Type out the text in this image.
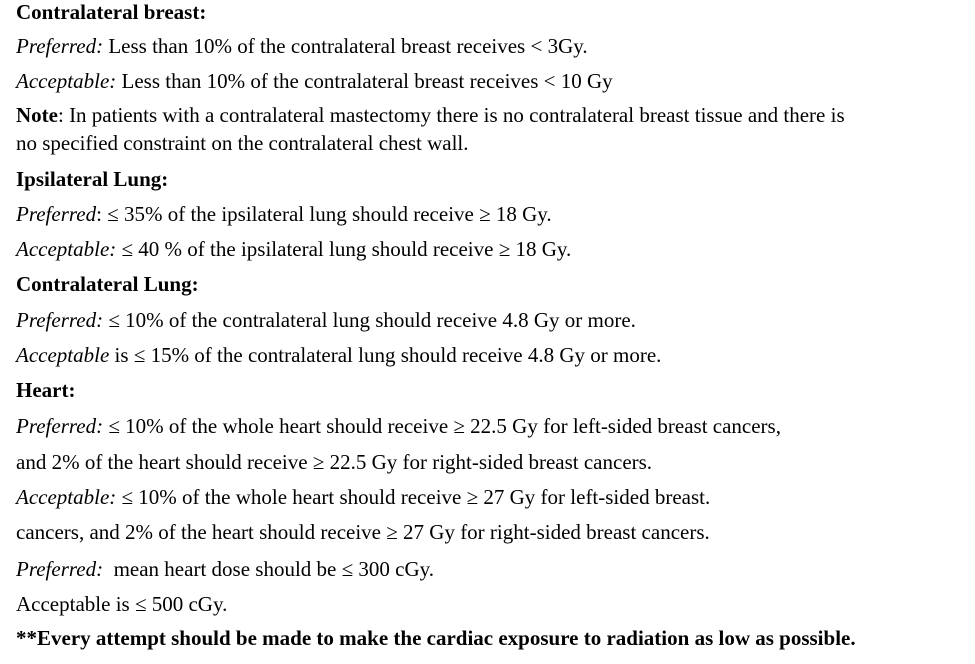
Contralateral breast:
Preferred: Less than 10% of the contralateral breast receives < 3Gy.
Acceptable: Less than 10% of the contralateral breast receives < 10 Gy
Note: In patients with a contralateral mastectomy there is no contralateral breast tissue and there is
no specified constraint on the contralateral chest wall.
Ipsilateral Lung:
Preferred: ≤ 35% of the ipsilateral lung should receive ≥ 18 Gy.
Acceptable: ≤ 40 % of the ipsilateral lung should receive ≥ 18 Gy.
Contralateral Lung:
Preferred: ≤ 10% of the contralateral lung should receive 4.8 Gy or more.
Acceptable is ≤ 15% of the contralateral lung should receive 4.8 Gy or more.
Heart:
Preferred: ≤ 10% of the whole heart should receive ≥ 22.5 Gy for left-sided breast cancers,
and 2% of the heart should receive ≥ 22.5 Gy for right-sided breast cancers.
Acceptable: ≤ 10% of the whole heart should receive ≥ 27 Gy for left-sided breast.
cancers, and 2% of the heart should receive ≥ 27 Gy for right-sided breast cancers.
Preferred:  mean heart dose should be ≤ 300 cGy.
Acceptable is ≤ 500 cGy.
**Every attempt should be made to make the cardiac exposure to radiation as low as possible.
